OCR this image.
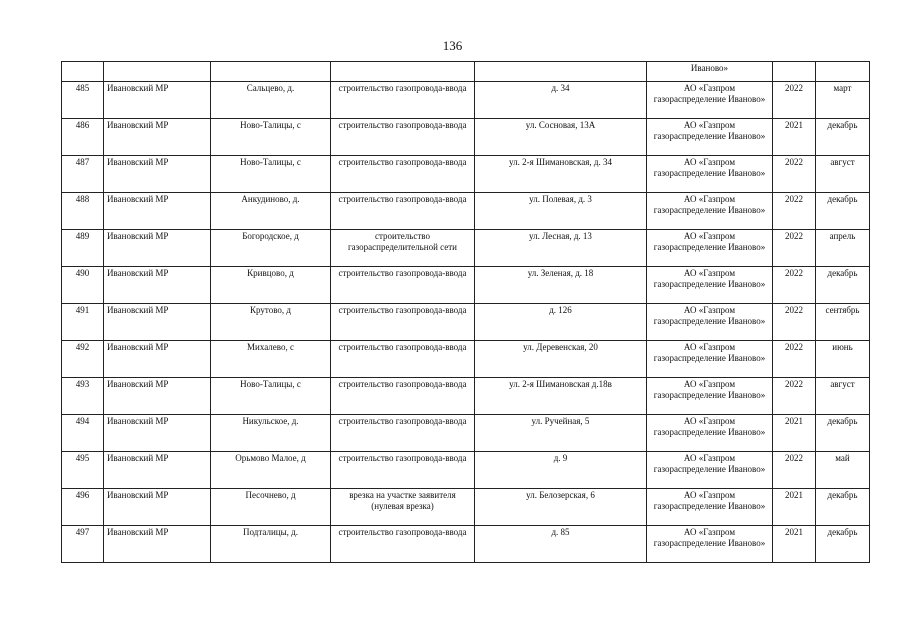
136
					Иваново»		
485	Ивановский МР	Сальцево, д.	строительство газопровода-ввода	д. 34	АО «Газпром газораспределение Иваново»	2022	март
486	Ивановский МР	Ново-Талицы, с	строительство газопровода-ввода	ул. Сосновая, 13А	АО «Газпром газораспределение Иваново»	2021	декабрь
487	Ивановский МР	Ново-Талицы, с	строительство газопровода-ввода	ул. 2-я Шимановская, д. 34	АО «Газпром газораспределение Иваново»	2022	август
488	Ивановский МР	Анкудиново, д.	строительство газопровода-ввода	ул. Полевая, д. 3	АО «Газпром газораспределение Иваново»	2022	декабрь
489	Ивановский МР	Богородское, д	строительство газораспределительной сети	ул. Лесная, д. 13	АО «Газпром газораспределение Иваново»	2022	апрель
490	Ивановский МР	Кривцово, д	строительство газопровода-ввода	ул. Зеленая, д. 18	АО «Газпром газораспределение Иваново»	2022	декабрь
491	Ивановский МР	Крутово, д	строительство газопровода-ввода	д. 126	АО «Газпром газораспределение Иваново»	2022	сентябрь
492	Ивановский МР	Михалево, с	строительство газопровода-ввода	ул. Деревенская, 20	АО «Газпром газораспределение Иваново»	2022	июнь
493	Ивановский МР	Ново-Талицы, с	строительство газопровода-ввода	ул. 2-я Шимановская д.18в	АО «Газпром газораспределение Иваново»	2022	август
494	Ивановский МР	Никульское, д.	строительство газопровода-ввода	ул. Ручейная, 5	АО «Газпром газораспределение Иваново»	2021	декабрь
495	Ивановский МР	Орьмово Малое, д	строительство газопровода-ввода	д. 9	АО «Газпром газораспределение Иваново»	2022	май
496	Ивановский МР	Песочнево, д	врезка на участке заявителя (нулевая врезка)	ул. Белозерская, 6	АО «Газпром газораспределение Иваново»	2021	декабрь
497	Ивановский МР	Подталицы, д.	строительство газопровода-ввода	д. 85	АО «Газпром газораспределение Иваново»	2021	декабрь
